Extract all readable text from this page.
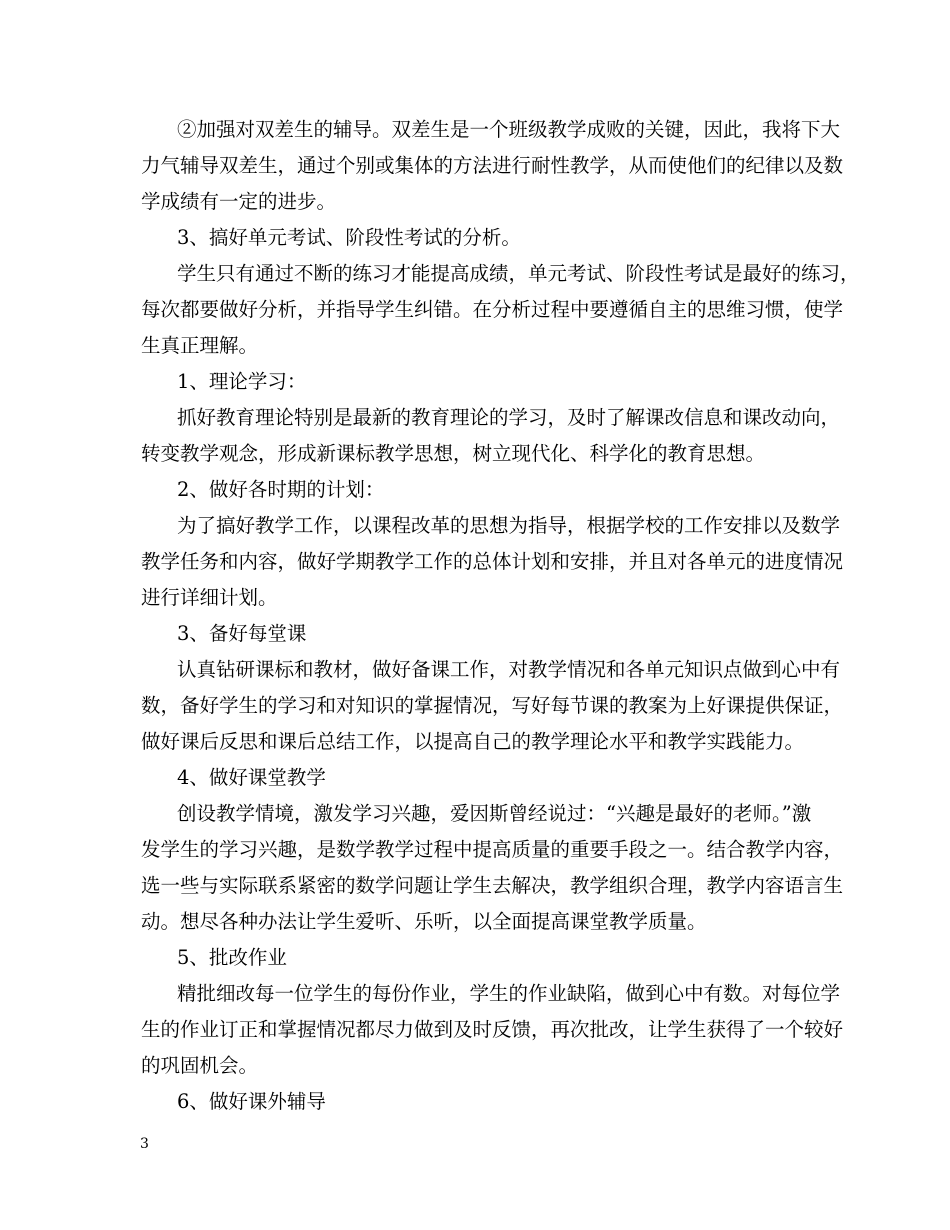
②加强对双差生的辅导。双差生是一个班级教学成败的关键，因此，我将下大
力气辅导双差生，通过个别或集体的方法进行耐性教学，从而使他们的纪律以及数
学成绩有一定的进步。
3、搞好单元考试、阶段性考试的分析。
学生只有通过不断的练习才能提高成绩，单元考试、阶段性考试是最好的练习，
每次都要做好分析，并指导学生纠错。在分析过程中要遵循自主的思维习惯，使学
生真正理解。
1、理论学习：
抓好教育理论特别是最新的教育理论的学习，及时了解课改信息和课改动向，
转变教学观念，形成新课标教学思想，树立现代化、科学化的教育思想。
2、做好各时期的计划：
为了搞好教学工作，以课程改革的思想为指导，根据学校的工作安排以及数学
教学任务和内容，做好学期教学工作的总体计划和安排，并且对各单元的进度情况
进行详细计划。
3、备好每堂课
认真钻研课标和教材，做好备课工作，对教学情况和各单元知识点做到心中有
数，备好学生的学习和对知识的掌握情况，写好每节课的教案为上好课提供保证，
做好课后反思和课后总结工作，以提高自己的教学理论水平和教学实践能力。
4、做好课堂教学
创设教学情境，激发学习兴趣，爱因斯曾经说过：“兴趣是最好的老师。”激
发学生的学习兴趣，是数学教学过程中提高质量的重要手段之一。结合教学内容，
选一些与实际联系紧密的数学问题让学生去解决，教学组织合理，教学内容语言生
动。想尽各种办法让学生爱听、乐听，以全面提高课堂教学质量。
5、批改作业
精批细改每一位学生的每份作业，学生的作业缺陷，做到心中有数。对每位学
生的作业订正和掌握情况都尽力做到及时反馈，再次批改，让学生获得了一个较好
的巩固机会。
6、做好课外辅导
3
